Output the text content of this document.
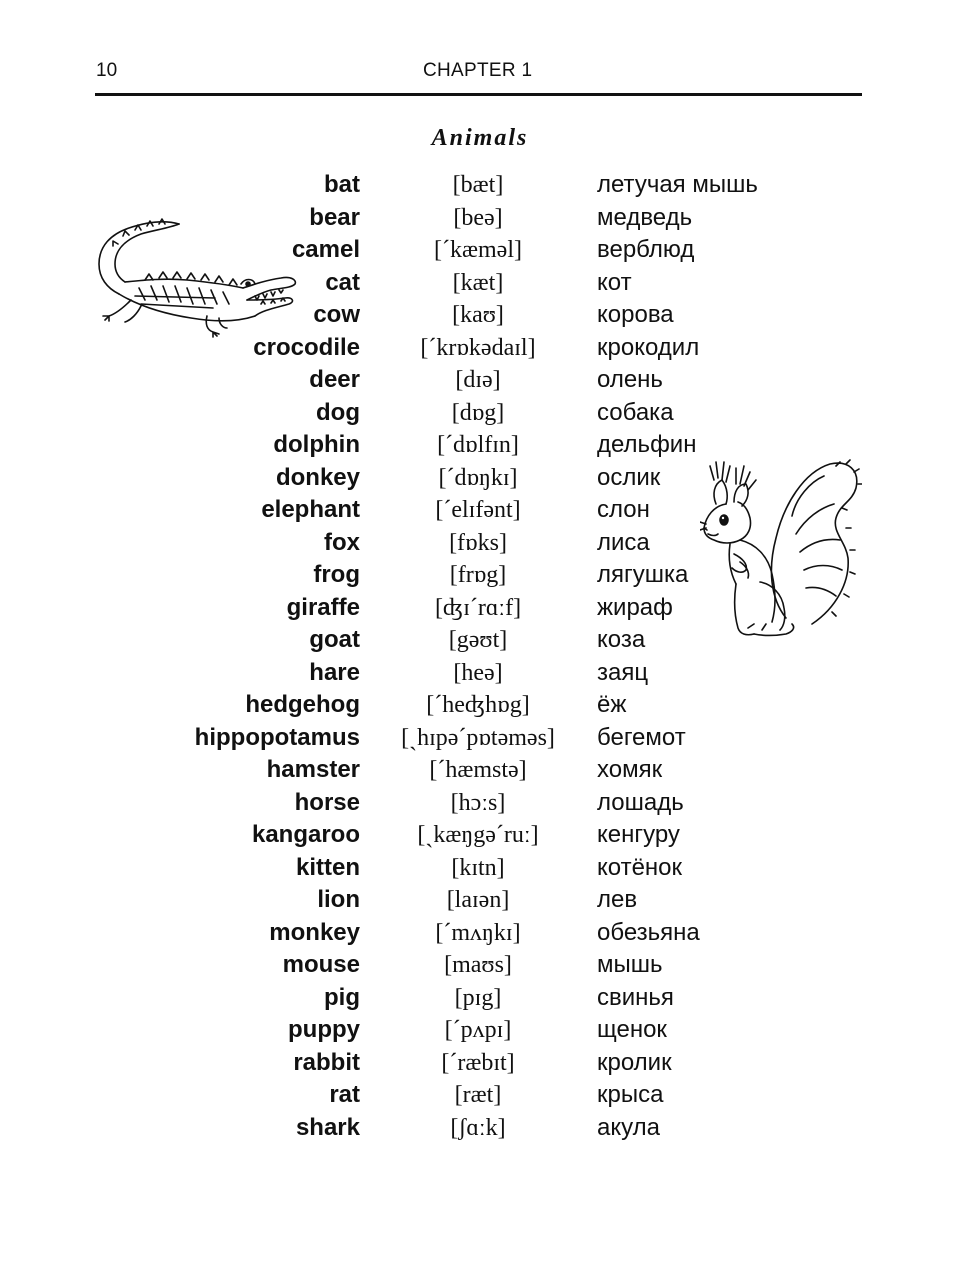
10	CHAPTER 1
Animals
bat	[bæt]	летучая мышь
bear	[beə]	медведь
camel	[ˊkæməl]	верблюд
cat	[kæt]	кот
cow	[kaʊ]	корова
crocodile	[ˊkrɒkədaɪl]	крокодил
deer	[dɪə]	олень
dog	[dɒg]	собака
dolphin	[ˊdɒlfɪn]	дельфин
donkey	[ˊdɒŋkɪ]	ослик
elephant	[ˊelɪfənt]	слон
fox	[fɒks]	лиса
frog	[frɒg]	лягушка
giraffe	[ʤɪˊrɑːf]	жираф
goat	[gəʊt]	коза
hare	[heə]	заяц
hedgehog	[ˊheʤhɒg]	ёж
hippopotamus	[ˏhɪpəˊpɒtəməs]	бегемот
hamster	[ˊhæmstə]	хомяк
horse	[hɔːs]	лошадь
kangaroo	[ˏkæŋgəˊruː]	кенгуру
kitten	[kɪtn]	котёнок
lion	[laɪən]	лев
monkey	[ˊmʌŋkɪ]	обезьяна
mouse	[maʊs]	мышь
pig	[pɪg]	свинья
puppy	[ˊpʌpɪ]	щенок
rabbit	[ˊræbɪt]	кролик
rat	[ræt]	крыса
shark	[ʃɑːk]	акула
